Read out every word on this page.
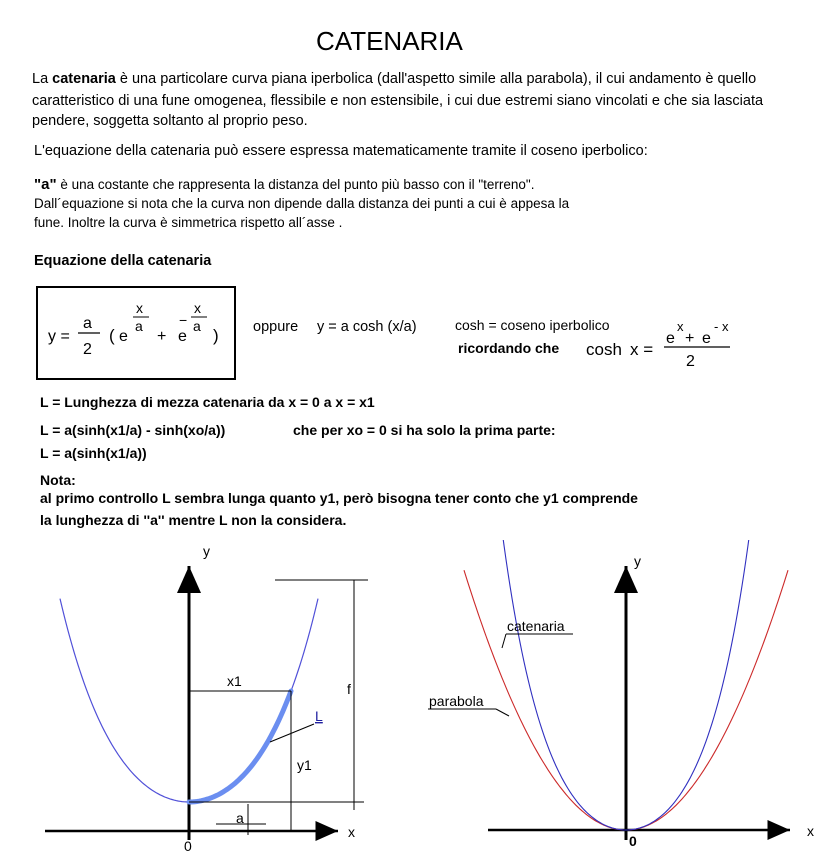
CATENARIA
La catenaria è una particolare curva piana iperbolica (dall'aspetto simile alla parabola), il cui andamento è quello
caratteristico di una fune omogenea, flessibile e non estensibile, i cui due estremi siano vincolati e che sia lasciata
pendere, soggetta soltanto al proprio peso.
L'equazione della catenaria può essere espressa matematicamente tramite il coseno iperbolico:
"a" è una costante che rappresenta la distanza del punto più basso con il "terreno".
Dall´equazione si nota che la curva non dipende dalla distanza dei punti a cui è appesa la
fune. Inoltre la curva è simmetrica rispetto all´asse .
Equazione della catenaria
y =
a
2
( e
x
a
+ e
−
x
a ) oppure y = a cosh (x/a)	cosh = coseno iperbolico
ricordando che cosh x =
e
x
+ e
- x
2
L = Lunghezza di mezza catenaria da x = 0 a x = x1
L = a(sinh(x1/a) - sinh(xo/a))	che per xo = 0 si ha solo la prima parte:
L = a(sinh(x1/a))
Nota:
al primo controllo L sembra lunga quanto y1, però bisogna tener conto che y1 comprende
la lunghezza di ''a'' mentre L non la considera.
y
x
0
x1	f
L
y1
a
y
x
0
catenaria
parabola
